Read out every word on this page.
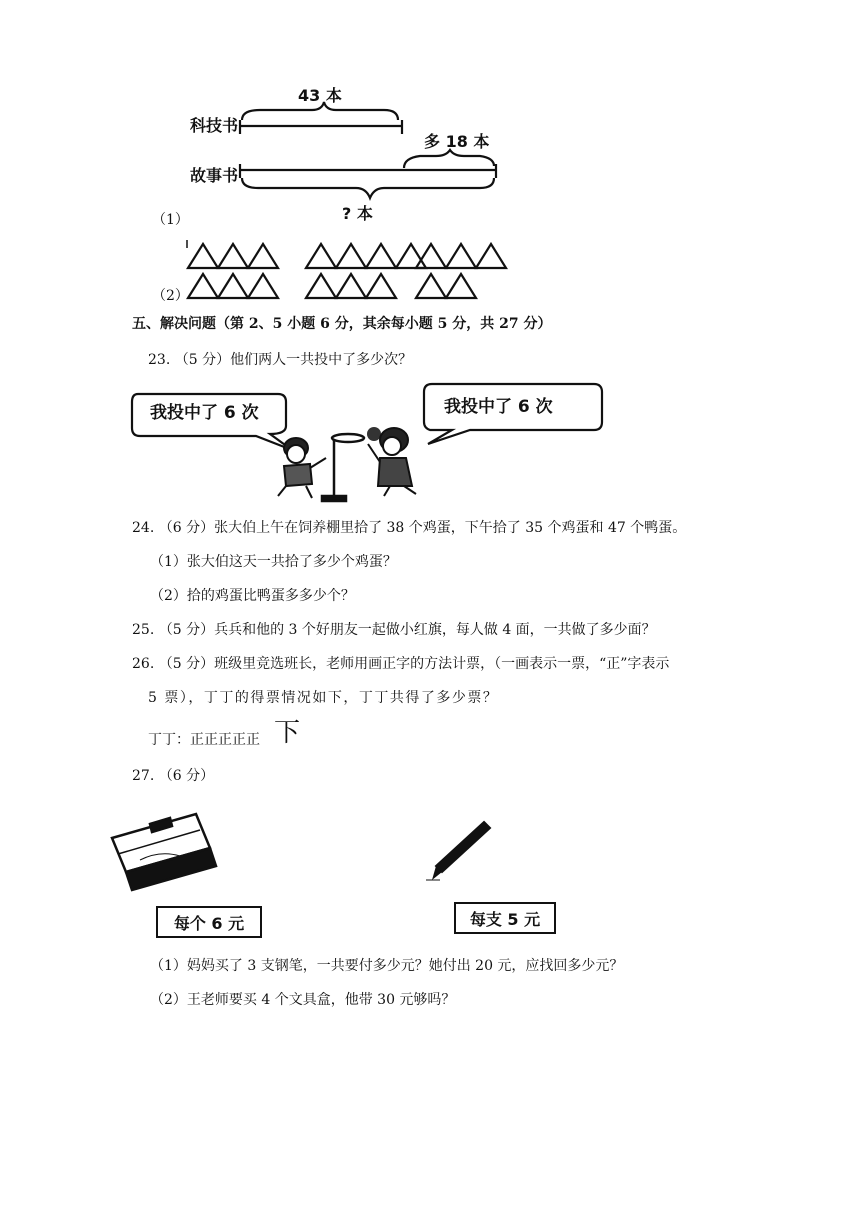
43 本
科技书
多 18 本
故事书
? 本
（1）
（2）
五、解决问题（第 2、5 小题 6 分，其余每小题 5 分，共 27 分）
23. （5 分）他们两人一共投中了多少次？
我投中了 6 次	我投中了 6 次
24. （6 分）张大伯上午在饲养棚里拾了 38 个鸡蛋，下午拾了 35 个鸡蛋和 47 个鸭蛋。
（1）张大伯这天一共拾了多少个鸡蛋？
（2）拾的鸡蛋比鸭蛋多多少个？
25. （5 分）兵兵和他的 3 个好朋友一起做小红旗，每人做 4 面，一共做了多少面？
26. （5 分）班级里竞选班长，老师用画正字的方法计票，（一画表示一票，“正”字表示
5 票），丁丁的得票情况如下，丁丁共得了多少票？
丁丁：正正正正正 下
27. （6 分）
每个 6 元	每支 5 元
（1）妈妈买了 3 支钢笔，一共要付多少元？她付出 20 元，应找回多少元？
（2）王老师要买 4 个文具盒，他带 30 元够吗？
